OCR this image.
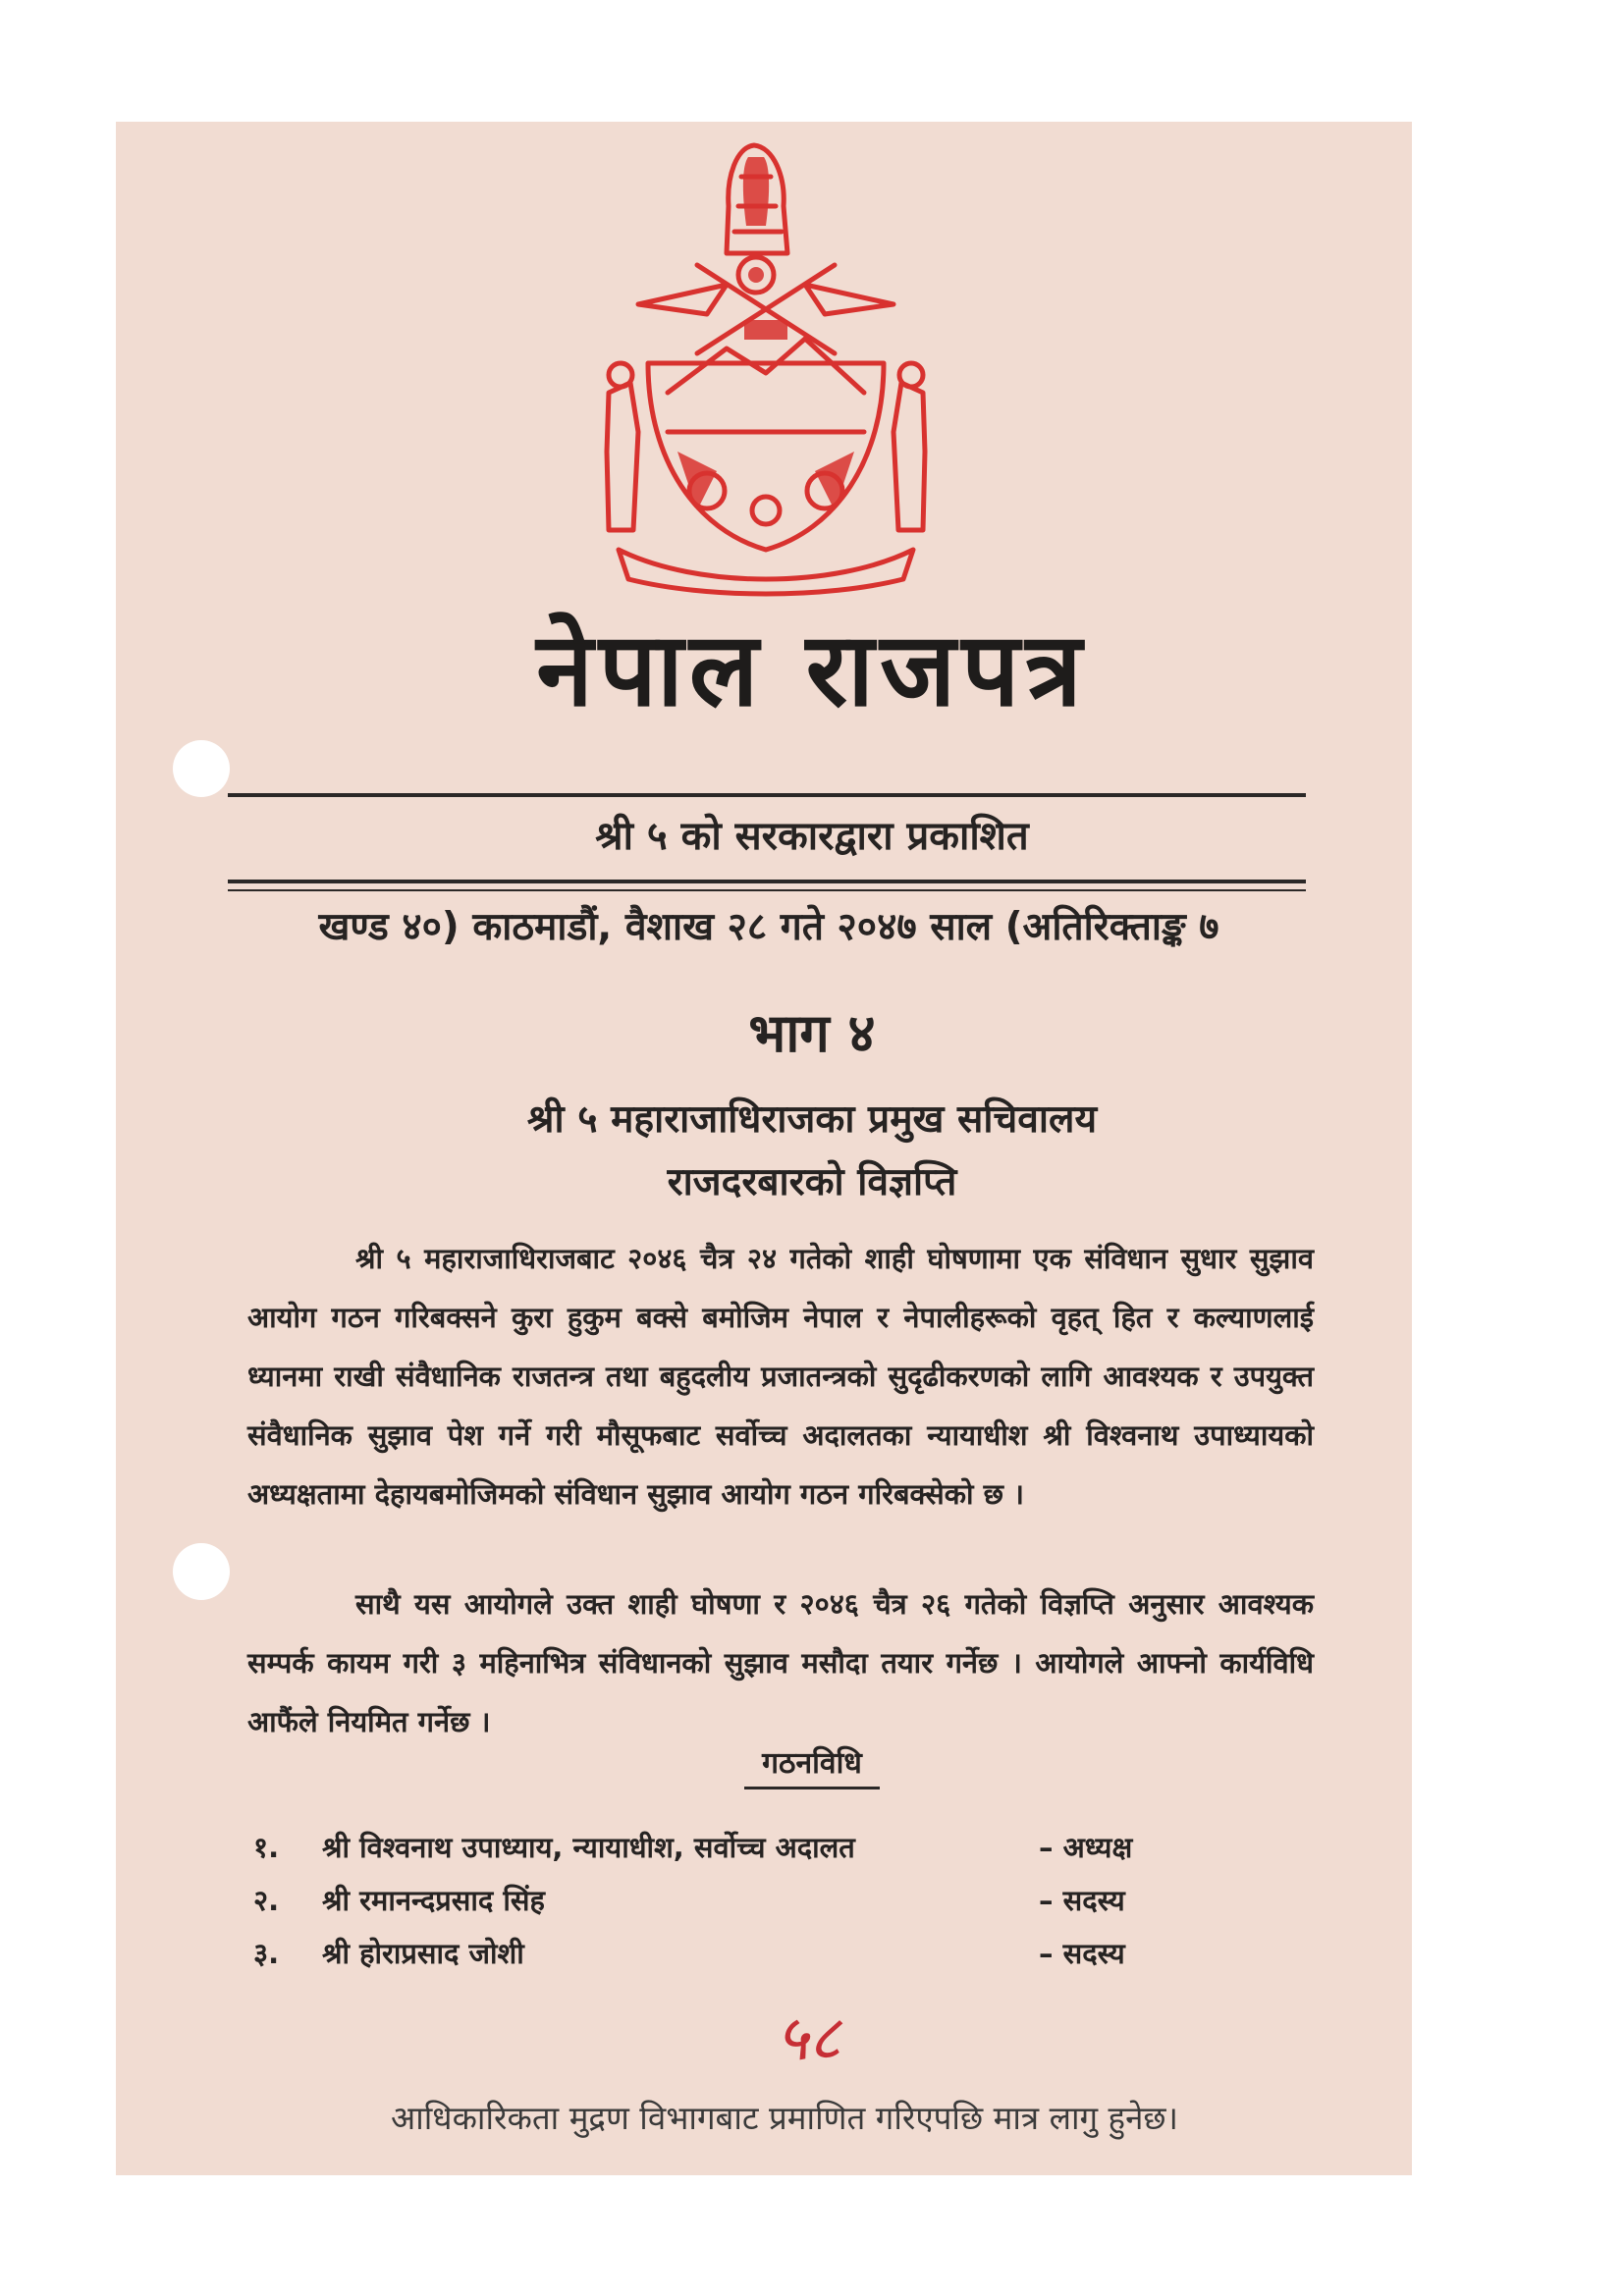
नेपाल राजपत्र
श्री ५ को सरकारद्वारा प्रकाशित
खण्ड ४०) काठमाडौं, वैशाख २८ गते २०४७ साल (अतिरिक्ताङ्क ७
भाग ४
श्री ५ महाराजाधिराजका प्रमुख सचिवालय
राजदरबारको विज्ञप्ति
श्री ५ महाराजाधिराजबाट २०४६ चैत्र २४ गतेको शाही घोषणामा एक संविधान सुधार सुझाव आयोग गठन गरिबक्सने कुरा हुकुम बक्से बमोजिम नेपाल र नेपालीहरूको वृहत् हित र कल्याणलाई ध्यानमा राखी संवैधानिक राजतन्त्र तथा बहुदलीय प्रजातन्त्रको सुदृढीकरणको लागि आवश्यक र उपयुक्त संवैधानिक सुझाव पेश गर्ने गरी मौसूफबाट सर्वोच्च अदालतका न्यायाधीश श्री विश्वनाथ उपाध्यायको अध्यक्षतामा देहायबमोजिमको संविधान सुझाव आयोग गठन गरिबक्सेको छ ।
साथै यस आयोगले उक्त शाही घोषणा र २०४६ चैत्र २६ गतेको विज्ञप्ति अनुसार आवश्यक सम्पर्क कायम गरी ३ महिनाभित्र संविधानको सुझाव मसौदा तयार गर्नेछ । आयोगले आफ्नो कार्यविधि आफैंले नियमित गर्नेछ ।
गठनविधि
१. श्री विश्वनाथ उपाध्याय, न्यायाधीश, सर्वोच्च अदालत	– अध्यक्ष
२. श्री रमानन्दप्रसाद सिंह	– सदस्य
३. श्री होराप्रसाद जोशी	– सदस्य
५८
आधिकारिकता मुद्रण विभागबाट प्रमाणित गरिएपछि मात्र लागु हुनेछ।
